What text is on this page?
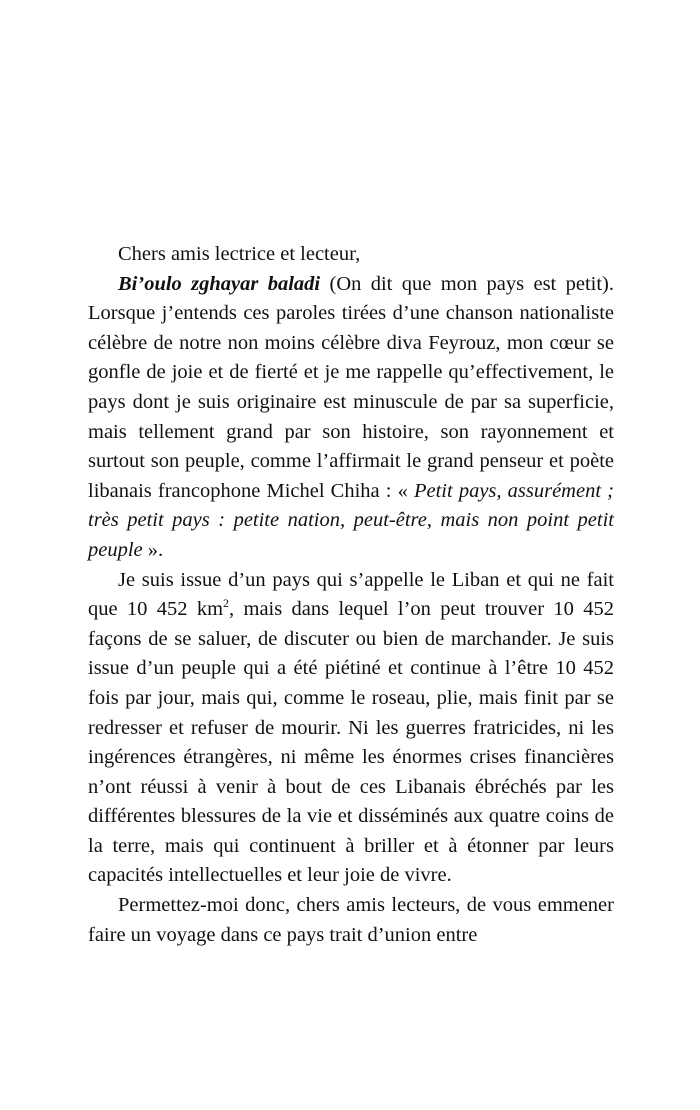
Chers amis lectrice et lecteur,

Bi’oulo zghayar baladi (On dit que mon pays est petit). Lorsque j’entends ces paroles tirées d’une chanson nationaliste célèbre de notre non moins célèbre diva Feyrouz, mon cœur se gonfle de joie et de fierté et je me rappelle qu’effectivement, le pays dont je suis originaire est minuscule de par sa superficie, mais tellement grand par son histoire, son rayonnement et surtout son peuple, comme l’affirmait le grand penseur et poète libanais francophone Michel Chiha : « Petit pays, assurément ; très petit pays : petite nation, peut-être, mais non point petit peuple ».

Je suis issue d’un pays qui s’appelle le Liban et qui ne fait que 10 452 $km^2$, mais dans lequel l’on peut trouver 10 452 façons de se saluer, de discuter ou bien de marchander. Je suis issue d’un peuple qui a été piétiné et continue à l’être 10 452 fois par jour, mais qui, comme le roseau, plie, mais finit par se redresser et refuser de mourir. Ni les guerres fratricides, ni les ingérences étrangères, ni même les énormes crises financières n’ont réussi à venir à bout de ces Libanais ébréchés par les différentes blessures de la vie et disséminés aux quatre coins de la terre, mais qui continuent à briller et à étonner par leurs capacités intellectuelles et leur joie de vivre.

Permettez-moi donc, chers amis lecteurs, de vous emmener faire un voyage dans ce pays trait d’union entre
